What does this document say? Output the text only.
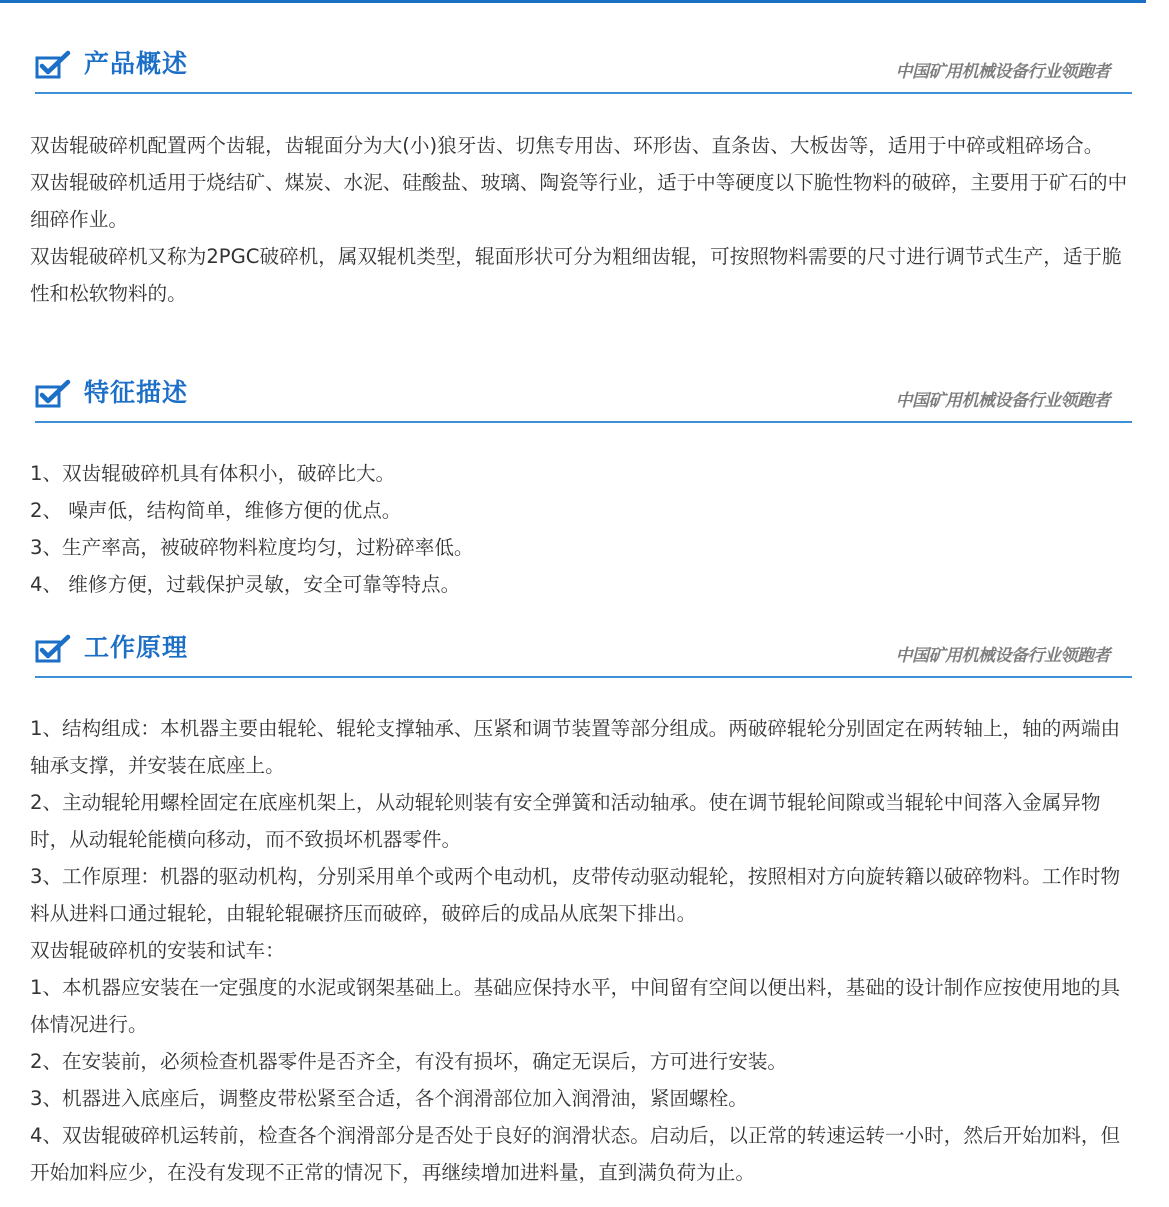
产品概述	中国矿用机械设备行业领跑者

双齿辊破碎机配置两个齿辊，齿辊面分为大(小)狼牙齿、切焦专用齿、环形齿、直条齿、大板齿等，适用于中碎或粗碎场合。

双齿辊破碎机适用于烧结矿、煤炭、水泥、硅酸盐、玻璃、陶瓷等行业，适于中等硬度以下脆性物料的破碎，主要用于矿石的中细碎作业。

双齿辊破碎机又称为2PGC破碎机，属双辊机类型，辊面形状可分为粗细齿辊，可按照物料需要的尺寸进行调节式生产，适于脆性和松软物料的。

特征描述	中国矿用机械设备行业领跑者

1、双齿辊破碎机具有体积小，破碎比大。

2、 噪声低，结构简单，维修方便的优点。

3、生产率高，被破碎物料粒度均匀，过粉碎率低。

4、 维修方便，过载保护灵敏，安全可靠等特点。

工作原理	中国矿用机械设备行业领跑者

1、结构组成：本机器主要由辊轮、辊轮支撑轴承、压紧和调节装置等部分组成。两破碎辊轮分别固定在两转轴上，轴的两端由轴承支撑，并安装在底座上。

2、主动辊轮用螺栓固定在底座机架上，从动辊轮则装有安全弹簧和活动轴承。使在调节辊轮间隙或当辊轮中间落入金属异物时，从动辊轮能横向移动，而不致损坏机器零件。

3、工作原理：机器的驱动机构，分别采用单个或两个电动机，皮带传动驱动辊轮，按照相对方向旋转籍以破碎物料。工作时物料从进料口通过辊轮，由辊轮辊碾挤压而破碎，破碎后的成品从底架下排出。

双齿辊破碎机的安装和试车：

1、本机器应安装在一定强度的水泥或钢架基础上。基础应保持水平，中间留有空间以便出料，基础的设计制作应按使用地的具体情况进行。

2、在安装前，必须检查机器零件是否齐全，有没有损坏，确定无误后，方可进行安装。

3、机器进入底座后，调整皮带松紧至合适，各个润滑部位加入润滑油，紧固螺栓。

4、双齿辊破碎机运转前，检查各个润滑部分是否处于良好的润滑状态。启动后，以正常的转速运转一小时，然后开始加料，但开始加料应少，在没有发现不正常的情况下，再继续增加进料量，直到满负荷为止。
